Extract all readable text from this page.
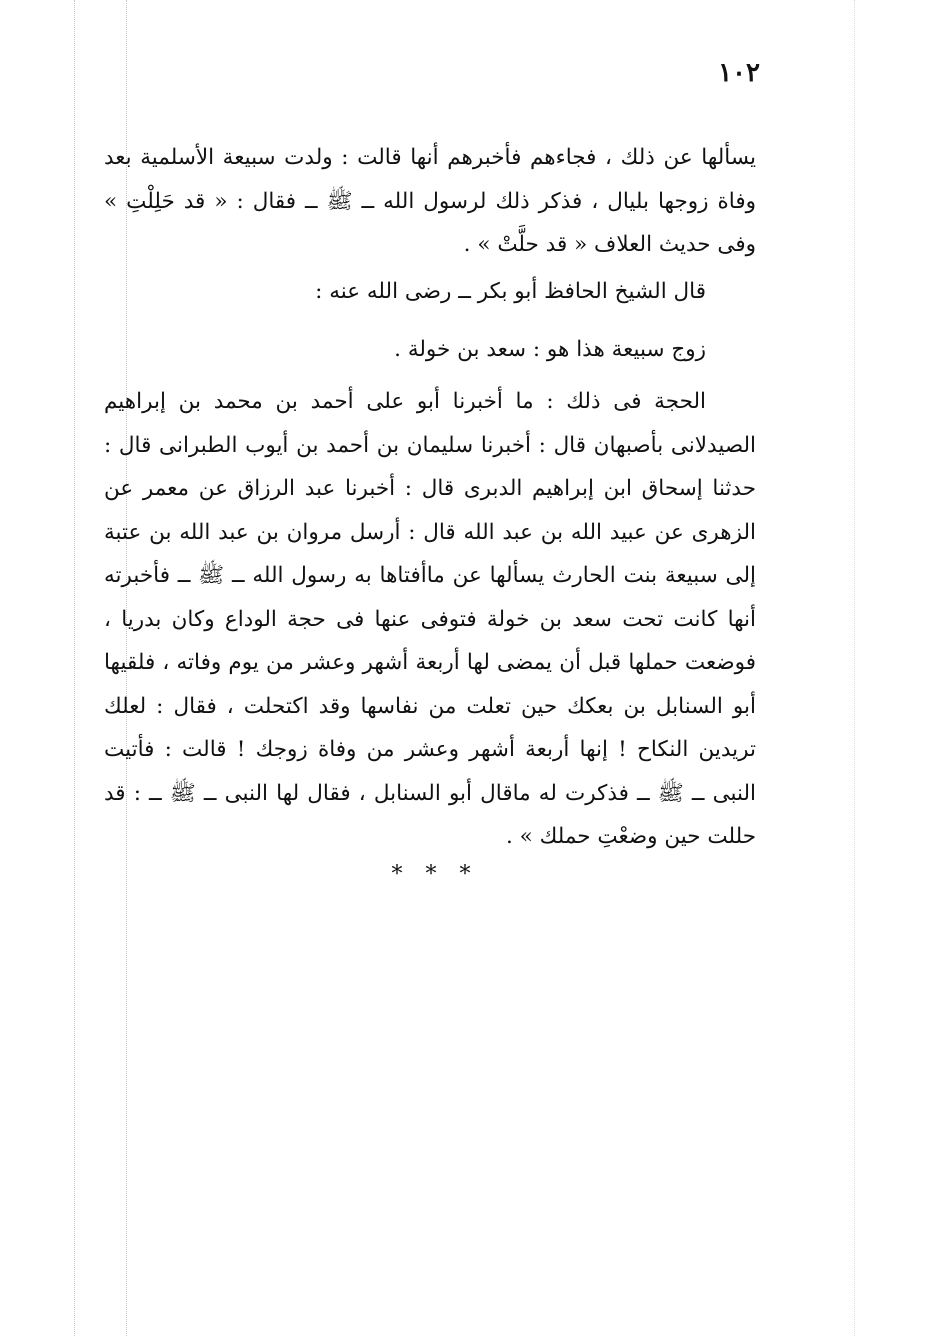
١٠٢
يسألها عن ذلك ، فجاءهم فأخبرهم أنها قالت : ولدت سبيعة الأسلمية بعد وفاة زوجها بليال ، فذكر ذلك لرسول الله ــ ﷺ ــ فقال : « قد حَلِلْتِ » وفى حديث العلاف « قد حلَّتْ » .
قال الشيخ الحافظ أبو بكر ــ رضى الله عنه :
زوج سبيعة هذا هو : سعد بن خولة .
الحجة فى ذلك : ما أخبرنا أبو على أحمد بن محمد بن إبراهيم الصيدلانى بأصبهان قال : أخبرنا سليمان بن أحمد بن أيوب الطبرانى قال : حدثنا إسحاق ابن إبراهيم الدبرى قال : أخبرنا عبد الرزاق عن معمر عن الزهرى عن عبيد الله بن عبد الله قال : أرسل مروان بن عبد الله بن عتبة إلى سبيعة بنت الحارث يسألها عن ماأفتاها به رسول الله ــ ﷺ ــ فأخبرته أنها كانت تحت سعد بن خولة فتوفى عنها فى حجة الوداع وكان بدريا ، فوضعت حملها قبل أن يمضى لها أربعة أشهر وعشر من يوم وفاته ، فلقيها أبو السنابل بن بعكك حين تعلت من نفاسها وقد اكتحلت ، فقال : لعلك تريدين النكاح ! إنها أربعة أشهر وعشر من وفاة زوجك ! قالت : فأتيت النبى ــ ﷺ ــ فذكرت له ماقال أبو السنابل ، فقال لها النبى ــ ﷺ ــ : قد حللت حين وضعْتِ حملك » .
* * *
